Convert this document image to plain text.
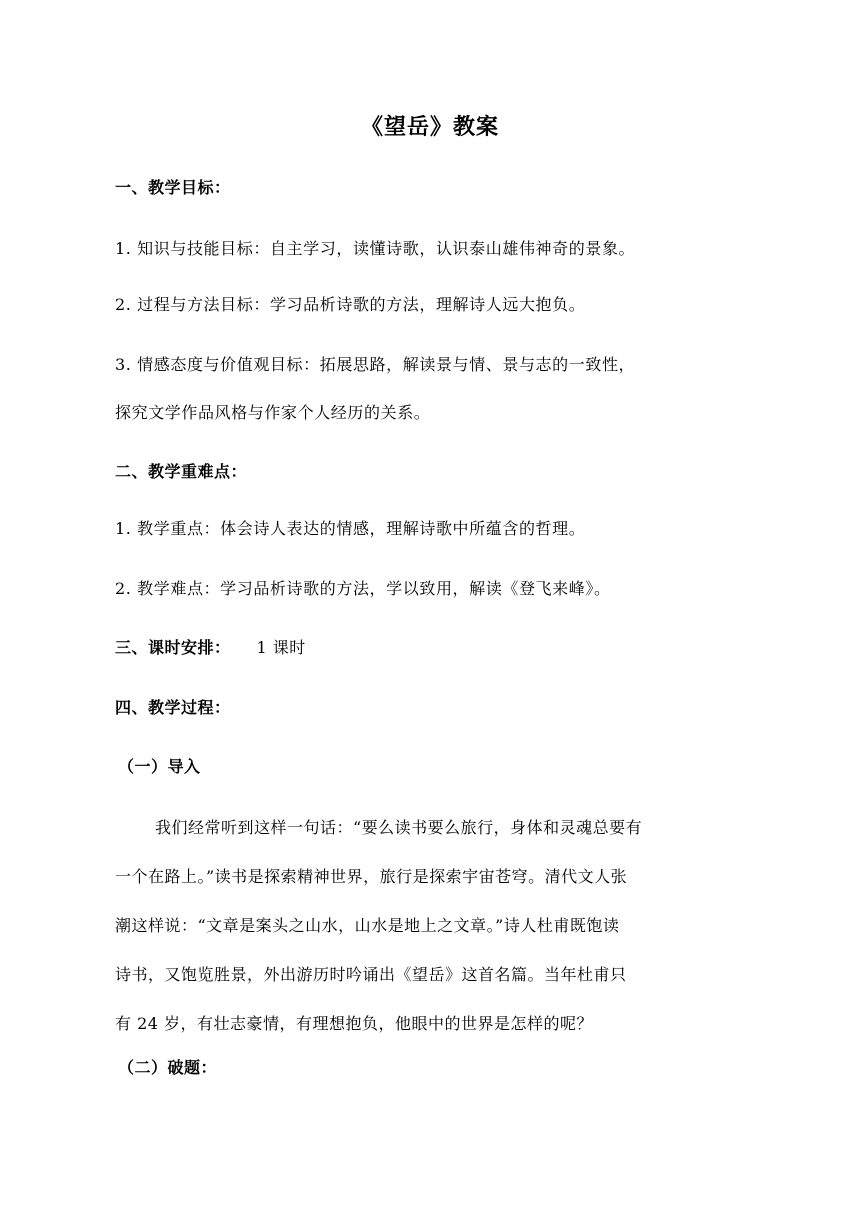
《望岳》教案
一、教学目标：
1. 知识与技能目标：自主学习，读懂诗歌，认识泰山雄伟神奇的景象。
2. 过程与方法目标：学习品析诗歌的方法，理解诗人远大抱负。
3. 情感态度与价值观目标：拓展思路，解读景与情、景与志的一致性，
探究文学作品风格与作家个人经历的关系。
二、教学重难点：
1. 教学重点：体会诗人表达的情感，理解诗歌中所蕴含的哲理。
2. 教学难点：学习品析诗歌的方法，学以致用，解读《登飞来峰》。
三、课时安排： 1 课时
四、教学过程：
（一）导入
我们经常听到这样一句话：“要么读书要么旅行，身体和灵魂总要有
一个在路上。”读书是探索精神世界，旅行是探索宇宙苍穹。清代文人张
潮这样说：“文章是案头之山水，山水是地上之文章。”诗人杜甫既饱读
诗书，又饱览胜景，外出游历时吟诵出《望岳》这首名篇。当年杜甫只
有 24 岁，有壮志豪情，有理想抱负，他眼中的世界是怎样的呢？
（二）破题：
